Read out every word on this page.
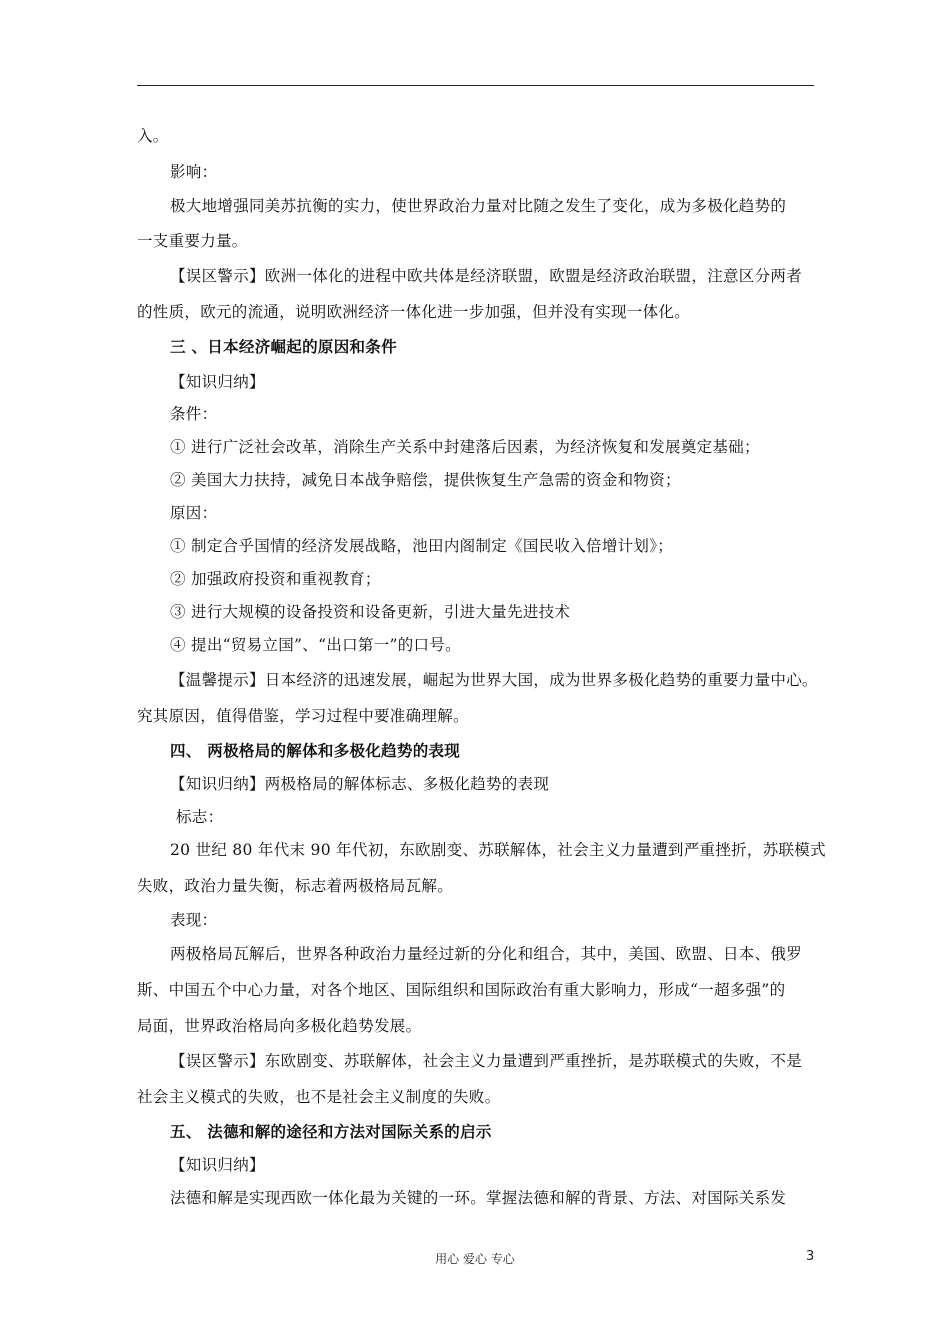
入。
影响：
极大地增强同美苏抗衡的实力，使世界政治力量对比随之发生了变化，成为多极化趋势的
一支重要力量。
【误区警示】欧洲一体化的进程中欧共体是经济联盟，欧盟是经济政治联盟，注意区分两者
的性质，欧元的流通，说明欧洲经济一体化进一步加强，但并没有实现一体化。
三 、日本经济崛起的原因和条件
【知识归纳】
条件：
① 进行广泛社会改革，消除生产关系中封建落后因素，为经济恢复和发展奠定基础；
② 美国大力扶持，减免日本战争赔偿，提供恢复生产急需的资金和物资；
原因：
① 制定合乎国情的经济发展战略，池田内阁制定《国民收入倍增计划》；
② 加强政府投资和重视教育；
③ 进行大规模的设备投资和设备更新，引进大量先进技术
④ 提出“贸易立国”、“出口第一”的口号。
【温馨提示】日本经济的迅速发展，崛起为世界大国，成为世界多极化趋势的重要力量中心。
究其原因，值得借鉴，学习过程中要准确理解。
四、 两极格局的解体和多极化趋势的表现
【知识归纳】两极格局的解体标志、多极化趋势的表现
标志：
20 世纪 80 年代末 90 年代初，东欧剧变、苏联解体，社会主义力量遭到严重挫折，苏联模式
失败，政治力量失衡，标志着两极格局瓦解。
表现：
两极格局瓦解后，世界各种政治力量经过新的分化和组合，其中，美国、欧盟、日本、俄罗
斯、中国五个中心力量，对各个地区、国际组织和国际政治有重大影响力，形成“一超多强”的
局面，世界政治格局向多极化趋势发展。
【误区警示】东欧剧变、苏联解体，社会主义力量遭到严重挫折，是苏联模式的失败，不是
社会主义模式的失败，也不是社会主义制度的失败。
五、 法德和解的途径和方法对国际关系的启示
【知识归纳】
法德和解是实现西欧一体化最为关键的一环。掌握法德和解的背景、方法、对国际关系发
用心 爱心 专心	3
